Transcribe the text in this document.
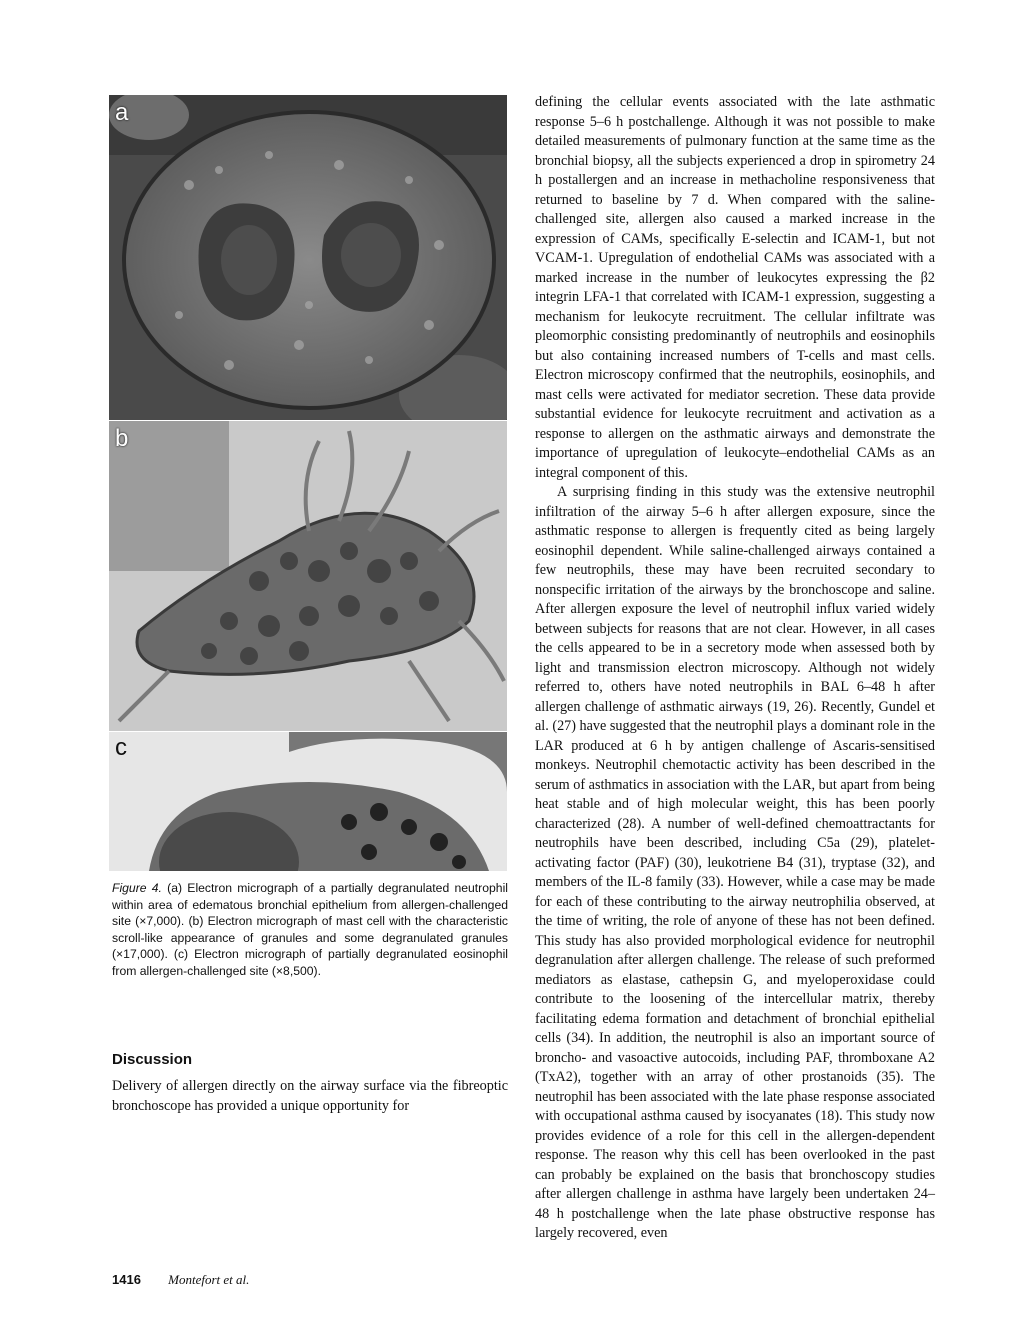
a
b
c
Figure 4. (a) Electron micrograph of a partially degranulated neutrophil within area of edematous bronchial epithelium from allergen-challenged site (×7,000). (b) Electron micrograph of mast cell with the characteristic scroll-like appearance of granules and some degranulated granules (×17,000). (c) Electron micrograph of partially degranulated eosinophil from allergen-challenged site (×8,500).
Discussion
Delivery of allergen directly on the airway surface via the fibreoptic bronchoscope has provided a unique opportunity for

defining the cellular events associated with the late asthmatic response 5–6 h postchallenge. Although it was not possible to make detailed measurements of pulmonary function at the same time as the bronchial biopsy, all the subjects experienced a drop in spirometry 24 h postallergen and an increase in methacholine responsiveness that returned to baseline by 7 d. When compared with the saline-challenged site, allergen also caused a marked increase in the expression of CAMs, specifically E-selectin and ICAM-1, but not VCAM-1. Upregulation of endothelial CAMs was associated with a marked increase in the number of leukocytes expressing the β2 integrin LFA-1 that correlated with ICAM-1 expression, suggesting a mechanism for leukocyte recruitment. The cellular infiltrate was pleomorphic consisting predominantly of neutrophils and eosinophils but also containing increased numbers of T-cells and mast cells. Electron microscopy confirmed that the neutrophils, eosinophils, and mast cells were activated for mediator secretion. These data provide substantial evidence for leukocyte recruitment and activation as a response to allergen on the asthmatic airways and demonstrate the importance of upregulation of leukocyte–endothelial CAMs as an integral component of this.

A surprising finding in this study was the extensive neutrophil infiltration of the airway 5–6 h after allergen exposure, since the asthmatic response to allergen is frequently cited as being largely eosinophil dependent. While saline-challenged airways contained a few neutrophils, these may have been recruited secondary to nonspecific irritation of the airways by the bronchoscope and saline. After allergen exposure the level of neutrophil influx varied widely between subjects for reasons that are not clear. However, in all cases the cells appeared to be in a secretory mode when assessed both by light and transmission electron microscopy. Although not widely referred to, others have noted neutrophils in BAL 6–48 h after allergen challenge of asthmatic airways (19, 26). Recently, Gundel et al. (27) have suggested that the neutrophil plays a dominant role in the LAR produced at 6 h by antigen challenge of Ascaris-sensitised monkeys. Neutrophil chemotactic activity has been described in the serum of asthmatics in association with the LAR, but apart from being heat stable and of high molecular weight, this has been poorly characterized (28). A number of well-defined chemoattractants for neutrophils have been described, including C5a (29), platelet-activating factor (PAF) (30), leukotriene B4 (31), tryptase (32), and members of the IL-8 family (33). However, while a case may be made for each of these contributing to the airway neutrophilia observed, at the time of writing, the role of anyone of these has not been defined. This study has also provided morphological evidence for neutrophil degranulation after allergen challenge. The release of such preformed mediators as elastase, cathepsin G, and myeloperoxidase could contribute to the loosening of the intercellular matrix, thereby facilitating edema formation and detachment of bronchial epithelial cells (34). In addition, the neutrophil is also an important source of broncho- and vasoactive autocoids, including PAF, thromboxane A2 (TxA2), together with an array of other prostanoids (35). The neutrophil has been associated with the late phase response associated with occupational asthma caused by isocyanates (18). This study now provides evidence of a role for this cell in the allergen-dependent response. The reason why this cell has been overlooked in the past can probably be explained on the basis that bronchoscopy studies after allergen challenge in asthma have largely been undertaken 24–48 h postchallenge when the late phase obstructive response has largely recovered, even

1416 Montefort et al.
